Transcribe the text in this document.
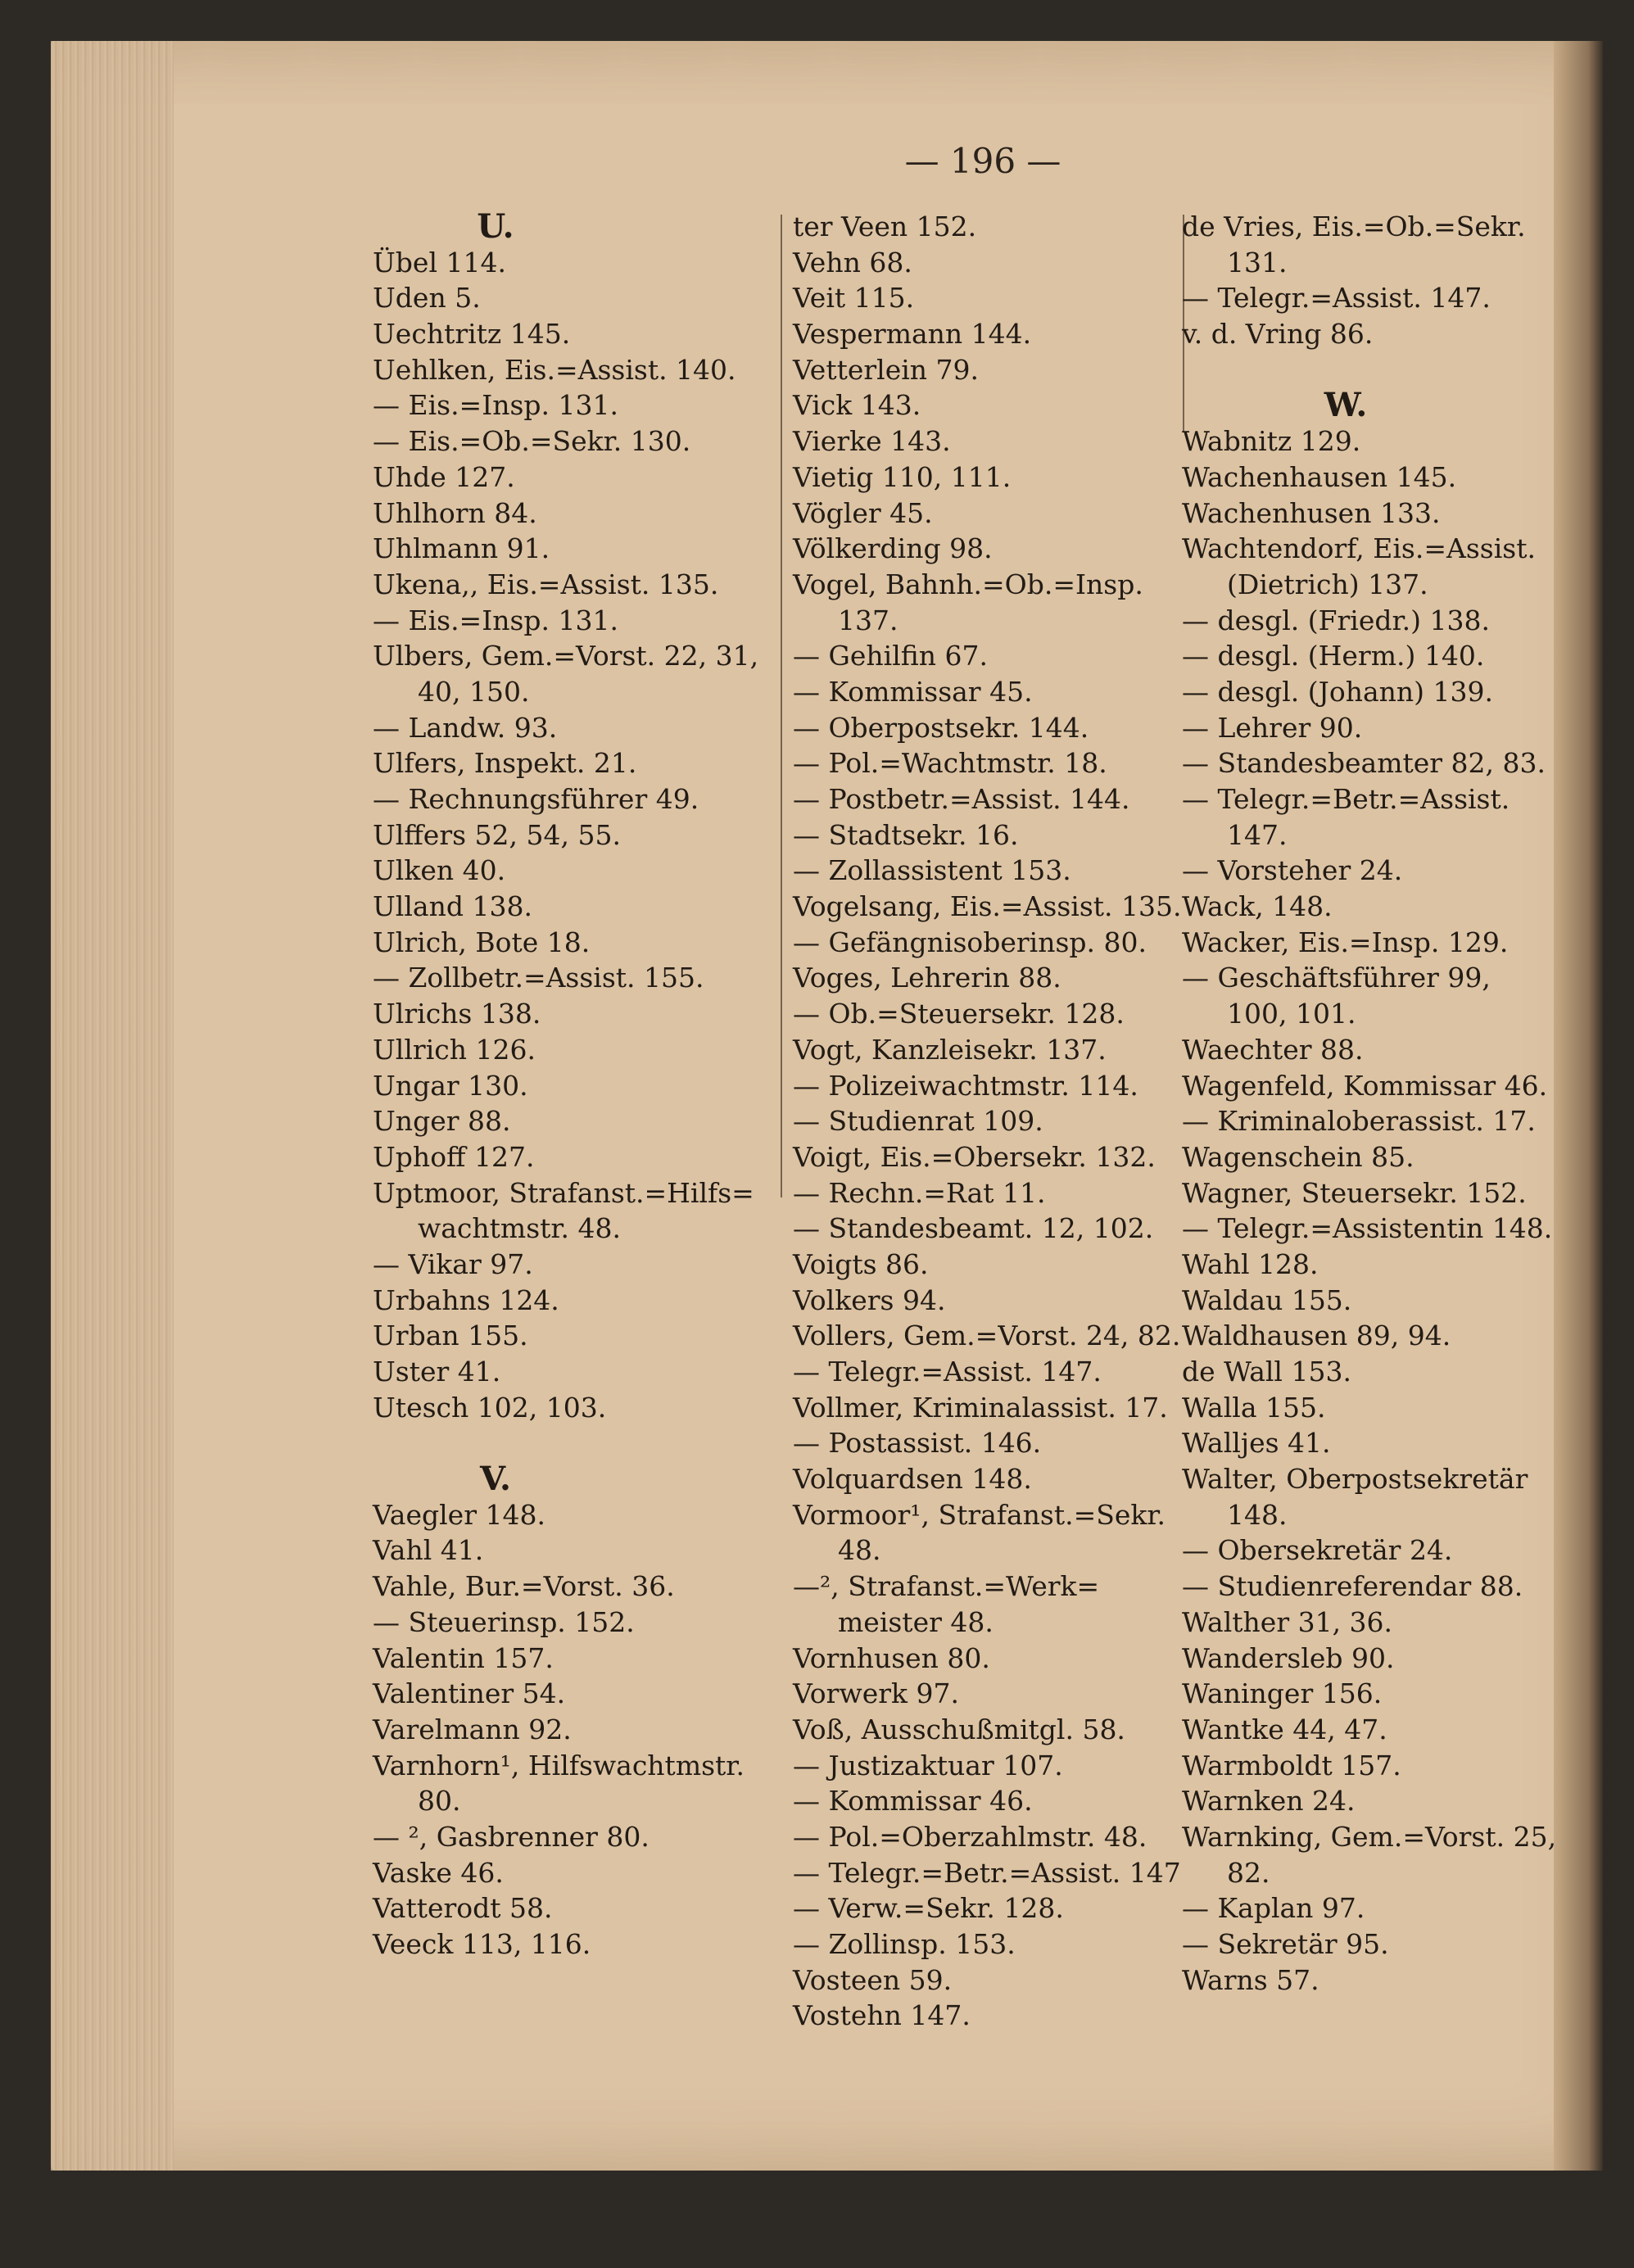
— 196 —
U.
Übel 114.
Uden 5.
Uechtritz 145.
Uehlken, Eis.=Assist. 140.
— Eis.=Insp. 131.
— Eis.=Ob.=Sekr. 130.
Uhde 127.
Uhlhorn 84.
Uhlmann 91.
Ukena,, Eis.=Assist. 135.
— Eis.=Insp. 131.
Ulbers, Gem.=Vorst. 22, 31,
40, 150.
— Landw. 93.
Ulfers, Inspekt. 21.
— Rechnungsführer 49.
Ulffers 52, 54, 55.
Ulken 40.
Ulland 138.
Ulrich, Bote 18.
— Zollbetr.=Assist. 155.
Ulrichs 138.
Ullrich 126.
Ungar 130.
Unger 88.
Uphoff 127.
Uptmoor, Strafanst.=Hilfs=
wachtmstr. 48.
— Vikar 97.
Urbahns 124.
Urban 155.
Uster 41.
Utesch 102, 103.
V.
Vaegler 148.
Vahl 41.
Vahle, Bur.=Vorst. 36.
— Steuerinsp. 152.
Valentin 157.
Valentiner 54.
Varelmann 92.
Varnhorn¹, Hilfswachtmstr.
80.
— ², Gasbrenner 80.
Vaske 46.
Vatterodt 58.
Veeck 113, 116.
ter Veen 152.
Vehn 68.
Veit 115.
Vespermann 144.
Vetterlein 79.
Vick 143.
Vierke 143.
Vietig 110, 111.
Vögler 45.
Völkerding 98.
Vogel, Bahnh.=Ob.=Insp.
137.
— Gehilfin 67.
— Kommissar 45.
— Oberpostsekr. 144.
— Pol.=Wachtmstr. 18.
— Postbetr.=Assist. 144.
— Stadtsekr. 16.
— Zollassistent 153.
Vogelsang, Eis.=Assist. 135.
— Gefängnisoberinsp. 80.
Voges, Lehrerin 88.
— Ob.=Steuersekr. 128.
Vogt, Kanzleisekr. 137.
— Polizeiwachtmstr. 114.
— Studienrat 109.
Voigt, Eis.=Obersekr. 132.
— Rechn.=Rat 11.
— Standesbeamt. 12, 102.
Voigts 86.
Volkers 94.
Vollers, Gem.=Vorst. 24, 82.
— Telegr.=Assist. 147.
Vollmer, Kriminalassist. 17.
— Postassist. 146.
Volquardsen 148.
Vormoor¹, Strafanst.=Sekr.
48.
—², Strafanst.=Werk=
meister 48.
Vornhusen 80.
Vorwerk 97.
Voß, Ausschußmitgl. 58.
— Justizaktuar 107.
— Kommissar 46.
— Pol.=Oberzahlmstr. 48.
— Telegr.=Betr.=Assist. 147
— Verw.=Sekr. 128.
— Zollinsp. 153.
Vosteen 59.
Vostehn 147.
de Vries, Eis.=Ob.=Sekr.
131.
— Telegr.=Assist. 147.
v. d. Vring 86.
W.
Wabnitz 129.
Wachenhausen 145.
Wachenhusen 133.
Wachtendorf, Eis.=Assist.
(Dietrich) 137.
— desgl. (Friedr.) 138.
— desgl. (Herm.) 140.
— desgl. (Johann) 139.
— Lehrer 90.
— Standesbeamter 82, 83.
— Telegr.=Betr.=Assist.
147.
— Vorsteher 24.
Wack, 148.
Wacker, Eis.=Insp. 129.
— Geschäftsführer 99,
100, 101.
Waechter 88.
Wagenfeld, Kommissar 46.
— Kriminaloberassist. 17.
Wagenschein 85.
Wagner, Steuersekr. 152.
— Telegr.=Assistentin 148.
Wahl 128.
Waldau 155.
Waldhausen 89, 94.
de Wall 153.
Walla 155.
Walljes 41.
Walter, Oberpostsekretär
148.
— Obersekretär 24.
— Studienreferendar 88.
Walther 31, 36.
Wandersleb 90.
Waninger 156.
Wantke 44, 47.
Warmboldt 157.
Warnken 24.
Warnking, Gem.=Vorst. 25,
82.
— Kaplan 97.
— Sekretär 95.
Warns 57.
